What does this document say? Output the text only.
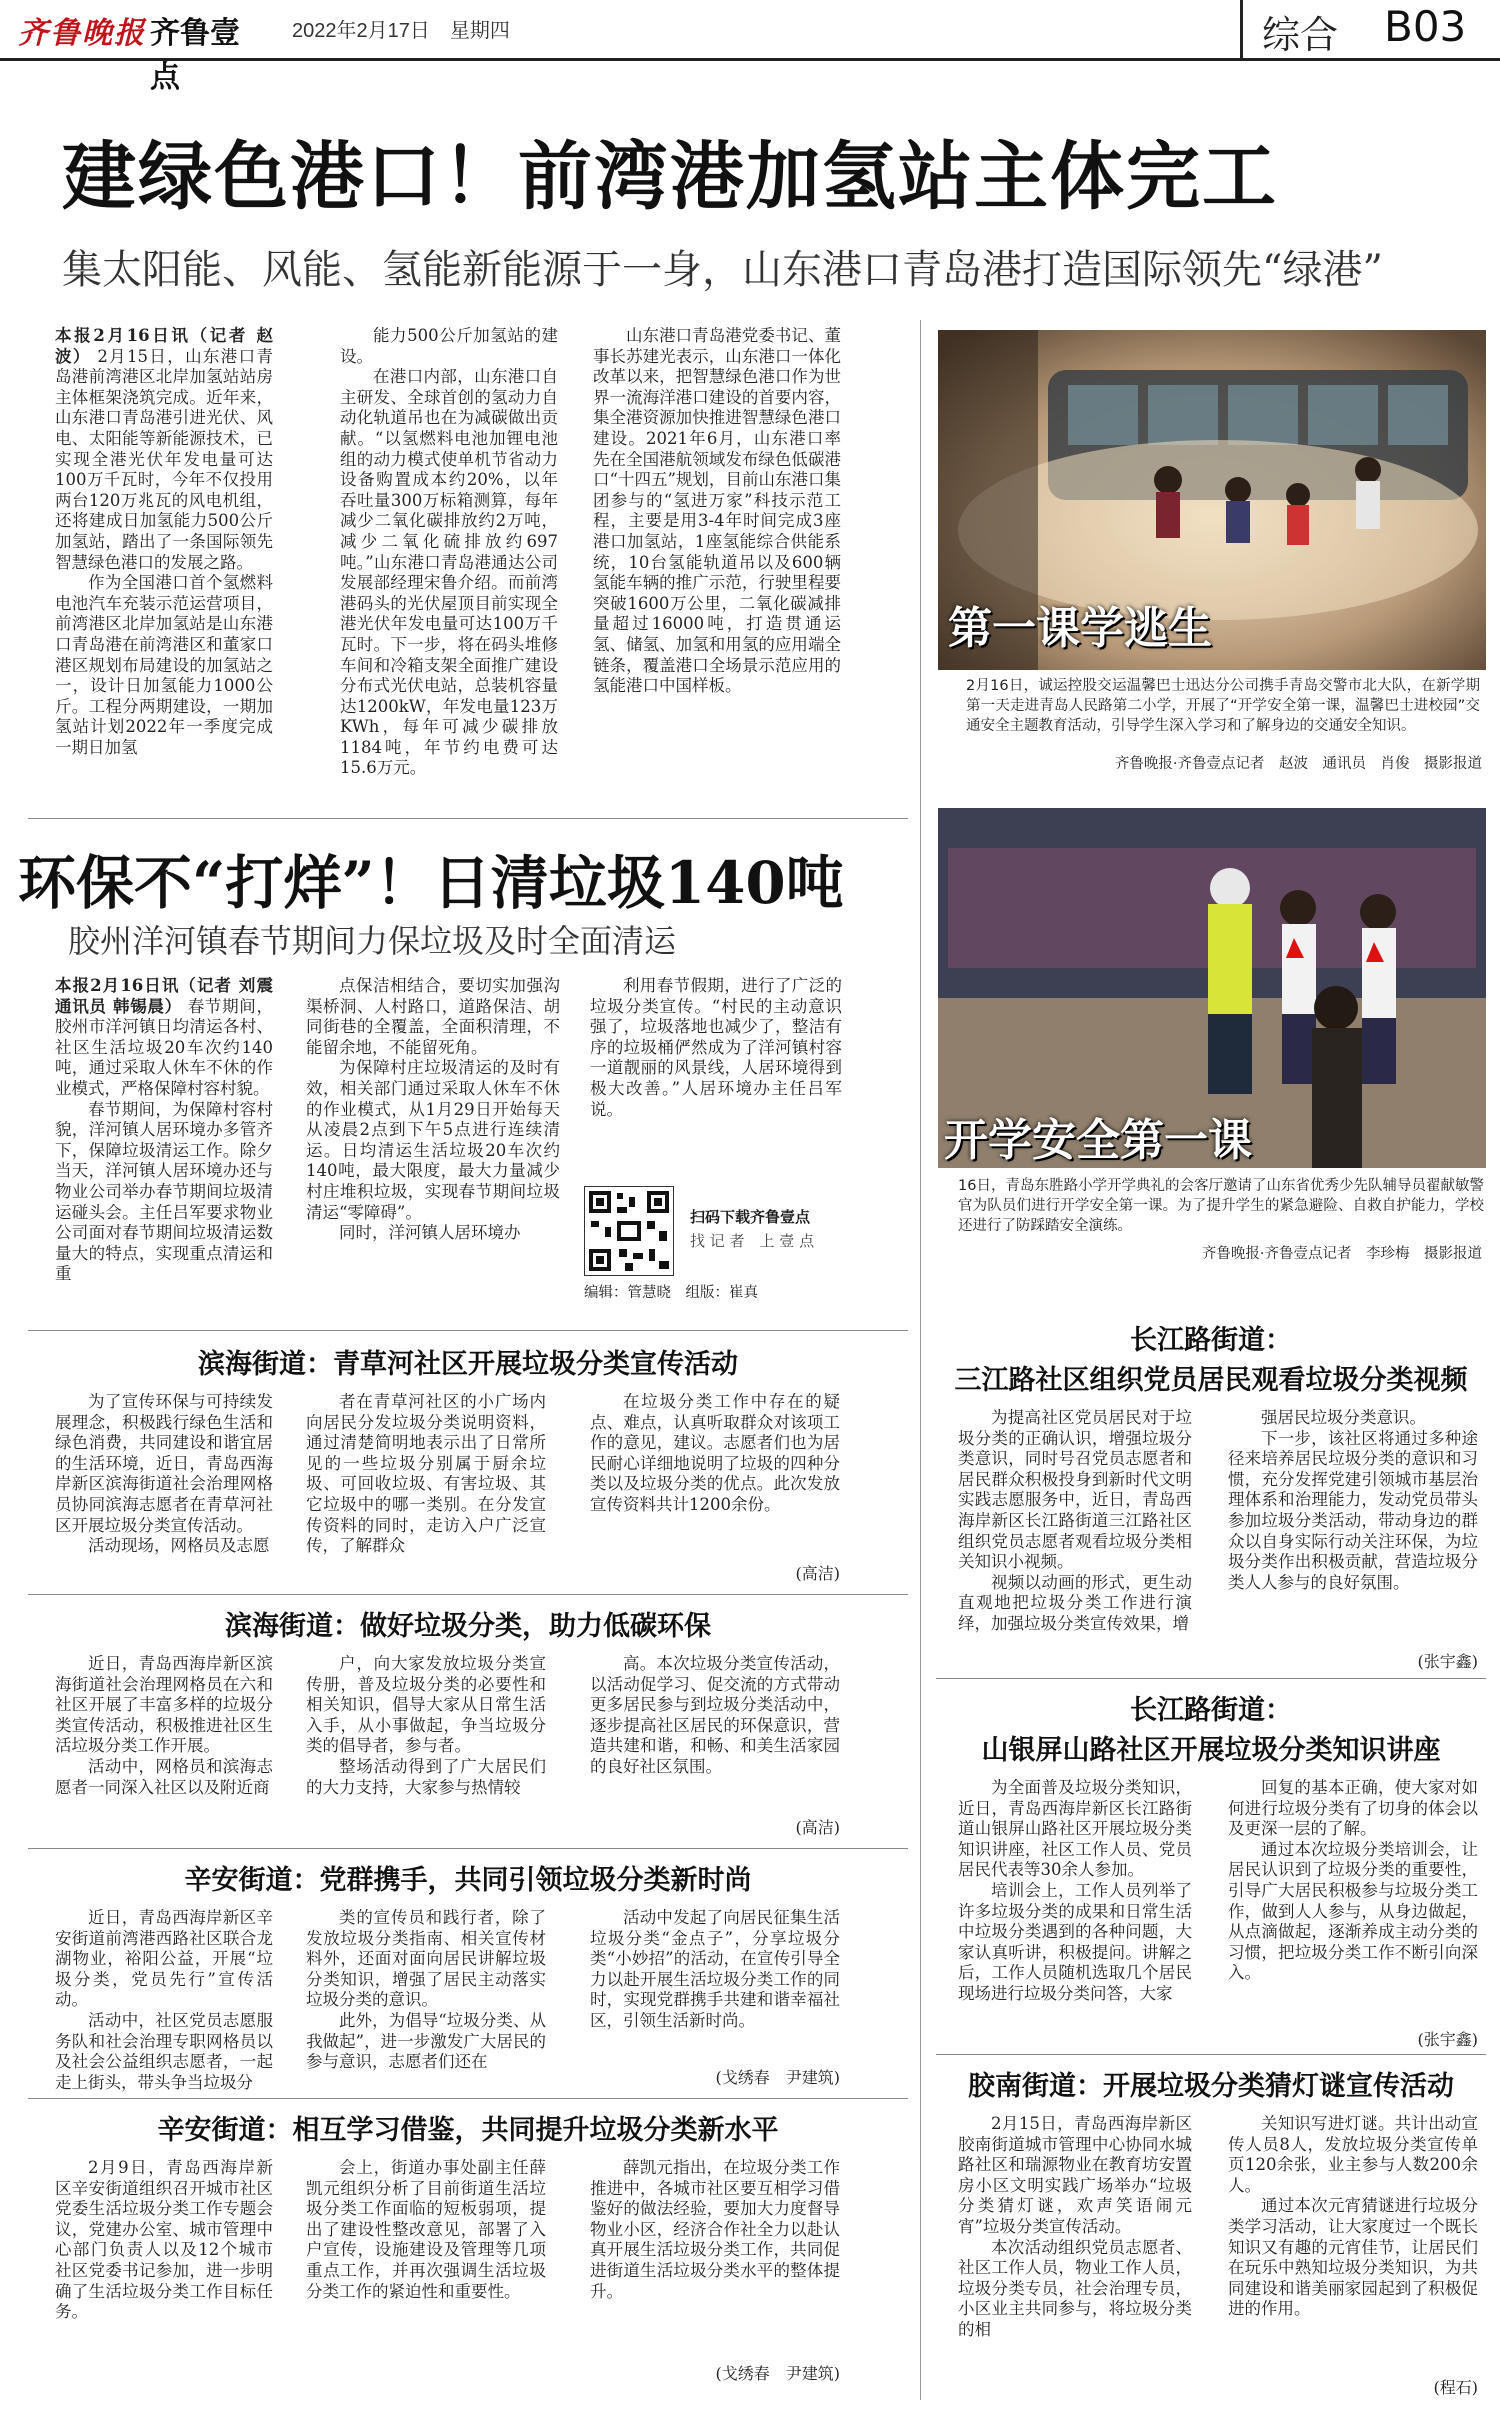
齐鲁晚报 齐鲁壹点
2022年2月17日　星期四	综合 B03
建绿色港口！前湾港加氢站主体完工
集太阳能、风能、氢能新能源于一身，山东港口青岛港打造国际领先“绿港”

本报2月16日讯（记者 赵波） 2月15日，山东港口青岛港前湾港区北岸加氢站站房主体框架浇筑完成。近年来，山东港口青岛港引进光伏、风电、太阳能等新能源技术，已实现全港光伏年发电量可达100万千瓦时，今年不仅投用两台120万兆瓦的风电机组，还将建成日加氢能力500公斤加氢站，踏出了一条国际领先智慧绿色港口的发展之路。

作为全国港口首个氢燃料电池汽车充装示范运营项目，前湾港区北岸加氢站是山东港口青岛港在前湾港区和董家口港区规划布局建设的加氢站之一，设计日加氢能力1000公斤。工程分两期建设，一期加氢站计划2022年一季度完成一期日加氢

能力500公斤加氢站的建设。

在港口内部，山东港口自主研发、全球首创的氢动力自动化轨道吊也在为减碳做出贡献。“以氢燃料电池加锂电池组的动力模式使单机节省动力设备购置成本约20%，以年吞吐量300万标箱测算，每年减少二氧化碳排放约2万吨，减少二氧化硫排放约697吨。”山东港口青岛港通达公司发展部经理宋鲁介绍。而前湾港码头的光伏屋顶目前实现全港光伏年发电量可达100万千瓦时。下一步，将在码头堆修车间和冷箱支架全面推广建设分布式光伏电站，总装机容量达1200kW，年发电量123万KWh，每年可减少碳排放1184吨，年节约电费可达15.6万元。

山东港口青岛港党委书记、董事长苏建光表示，山东港口一体化改革以来，把智慧绿色港口作为世界一流海洋港口建设的首要内容，集全港资源加快推进智慧绿色港口建设。2021年6月，山东港口率先在全国港航领域发布绿色低碳港口“十四五”规划，目前山东港口集团参与的“氢进万家”科技示范工程，主要是用3-4年时间完成3座港口加氢站，1座氢能综合供能系统，10台氢能轨道吊以及600辆氢能车辆的推广示范，行驶里程要突破1600万公里，二氧化碳减排量超过16000吨，打造贯通运氢、储氢、加氢和用氢的应用端全链条，覆盖港口全场景示范应用的氢能港口中国样板。

第一课学逃生
2月16日，诚运控股交运温馨巴士迅达分公司携手青岛交警市北大队，在新学期第一天走进青岛人民路第二小学，开展了“开学安全第一课，温馨巴士进校园”交通安全主题教育活动，引导学生深入学习和了解身边的交通安全知识。
齐鲁晚报·齐鲁壹点记者　赵波　通讯员　肖俊　摄影报道
环保不“打烊”！日清垃圾140吨
胶州洋河镇春节期间力保垃圾及时全面清运

本报2月16日讯（记者 刘震 通讯员 韩锡晨） 春节期间，胶州市洋河镇日均清运各村、社区生活垃圾20车次约140吨，通过采取人休车不休的作业模式，严格保障村容村貌。

春节期间，为保障村容村貌，洋河镇人居环境办多管齐下，保障垃圾清运工作。除夕当天，洋河镇人居环境办还与物业公司举办春节期间垃圾清运碰头会。主任吕军要求物业公司面对春节期间垃圾清运数量大的特点，实现重点清运和重

点保洁相结合，要切实加强沟渠桥洞、人村路口，道路保洁、胡同街巷的全覆盖，全面积清理，不能留余地，不能留死角。

为保障村庄垃圾清运的及时有效，相关部门通过采取人休车不休的作业模式，从1月29日开始每天从凌晨2点到下午5点进行连续清运。日均清运生活垃圾20车次约140吨，最大限度，最大力量减少村庄堆积垃圾，实现春节期间垃圾清运“零障碍”。

同时，洋河镇人居环境办

利用春节假期，进行了广泛的垃圾分类宣传。“村民的主动意识强了，垃圾落地也减少了，整洁有序的垃圾桶俨然成为了洋河镇村容一道靓丽的风景线，人居环境得到极大改善。”人居环境办主任吕军说。

扫码下载齐鲁壹点
找 记 者　上 壹 点
编辑：管慧晓　组版：崔真
开学安全第一课
16日，青岛东胜路小学开学典礼的会客厅邀请了山东省优秀少先队辅导员翟献敏警官为队员们进行开学安全第一课。为了提升学生的紧急避险、自救自护能力，学校还进行了防踩踏安全演练。
齐鲁晚报·齐鲁壹点记者　李珍梅　摄影报道
滨海街道：青草河社区开展垃圾分类宣传活动

为了宣传环保与可持续发展理念，积极践行绿色生活和绿色消费，共同建设和谐宜居的生活环境，近日，青岛西海岸新区滨海街道社会治理网格员协同滨海志愿者在青草河社区开展垃圾分类宣传活动。

活动现场，网格员及志愿

者在青草河社区的小广场内向居民分发垃圾分类说明资料，通过清楚简明地表示出了日常所见的一些垃圾分别属于厨余垃圾、可回收垃圾、有害垃圾、其它垃圾中的哪一类别。在分发宣传资料的同时，走访入户广泛宣传，了解群众

在垃圾分类工作中存在的疑点、难点，认真听取群众对该项工作的意见，建议。志愿者们也为居民耐心详细地说明了垃圾的四种分类以及垃圾分类的优点。此次发放宣传资料共计1200余份。

(高洁)
滨海街道：做好垃圾分类，助力低碳环保

近日，青岛西海岸新区滨海街道社会治理网格员在六和社区开展了丰富多样的垃圾分类宣传活动，积极推进社区生活垃圾分类工作开展。

活动中，网格员和滨海志愿者一同深入社区以及附近商

户，向大家发放垃圾分类宣传册，普及垃圾分类的必要性和相关知识，倡导大家从日常生活入手，从小事做起，争当垃圾分类的倡导者，参与者。

整场活动得到了广大居民们的大力支持，大家参与热情较

高。本次垃圾分类宣传活动，以活动促学习、促交流的方式带动更多居民参与到垃圾分类活动中，逐步提高社区居民的环保意识，营造共建和谐，和畅、和美生活家园的良好社区氛围。

(高洁)
辛安街道：党群携手，共同引领垃圾分类新时尚

近日，青岛西海岸新区辛安街道前湾港西路社区联合龙湖物业，裕阳公益，开展“垃圾分类，党员先行”宣传活动。

活动中，社区党员志愿服务队和社会治理专职网格员以及社会公益组织志愿者，一起走上街头，带头争当垃圾分

类的宣传员和践行者，除了发放垃圾分类指南、相关宣传材料外，还面对面向居民讲解垃圾分类知识，增强了居民主动落实垃圾分类的意识。

此外，为倡导“垃圾分类、从我做起”，进一步激发广大居民的参与意识，志愿者们还在

活动中发起了向居民征集生活垃圾分类“金点子”，分享垃圾分类“小妙招”的活动，在宣传引导全力以赴开展生活垃圾分类工作的同时，实现党群携手共建和谐幸福社区，引领生活新时尚。

(戈绣春　尹建筑)
辛安街道：相互学习借鉴，共同提升垃圾分类新水平

2月9日，青岛西海岸新区辛安街道组织召开城市社区党委生活垃圾分类工作专题会议，党建办公室、城市管理中心部门负责人以及12个城市社区党委书记参加，进一步明确了生活垃圾分类工作目标任务。

会上，街道办事处副主任薛凯元组织分析了目前街道生活垃圾分类工作面临的短板弱项，提出了建设性整改意见，部署了入户宣传，设施建设及管理等几项重点工作，并再次强调生活垃圾分类工作的紧迫性和重要性。

薛凯元指出，在垃圾分类工作推进中，各城市社区要互相学习借鉴好的做法经验，要加大力度督导物业小区，经济合作社全力以赴认真开展生活垃圾分类工作，共同促进街道生活垃圾分类水平的整体提升。

(戈绣春　尹建筑)
长江路街道：
三江路社区组织党员居民观看垃圾分类视频

为提高社区党员居民对于垃圾分类的正确认识，增强垃圾分类意识，同时号召党员志愿者和居民群众积极投身到新时代文明实践志愿服务中，近日，青岛西海岸新区长江路街道三江路社区组织党员志愿者观看垃圾分类相关知识小视频。

视频以动画的形式，更生动直观地把垃圾分类工作进行演绎，加强垃圾分类宣传效果，增

强居民垃圾分类意识。

下一步，该社区将通过多种途径来培养居民垃圾分类的意识和习惯，充分发挥党建引领城市基层治理体系和治理能力，发动党员带头参加垃圾分类活动，带动身边的群众以自身实际行动关注环保，为垃圾分类作出积极贡献，营造垃圾分类人人参与的良好氛围。

(张宇鑫)
长江路街道：
山银屏山路社区开展垃圾分类知识讲座

为全面普及垃圾分类知识，近日，青岛西海岸新区长江路街道山银屏山路社区开展垃圾分类知识讲座，社区工作人员、党员居民代表等30余人参加。

培训会上，工作人员列举了许多垃圾分类的成果和日常生活中垃圾分类遇到的各种问题，大家认真听讲，积极提问。讲解之后，工作人员随机选取几个居民现场进行垃圾分类问答，大家

回复的基本正确，使大家对如何进行垃圾分类有了切身的体会以及更深一层的了解。

通过本次垃圾分类培训会，让居民认识到了垃圾分类的重要性，引导广大居民积极参与垃圾分类工作，做到人人参与，从身边做起，从点滴做起，逐渐养成主动分类的习惯，把垃圾分类工作不断引向深入。

(张宇鑫)
胶南街道：开展垃圾分类猜灯谜宣传活动

2月15日，青岛西海岸新区胶南街道城市管理中心协同水城路社区和瑞源物业在教育坊安置房小区文明实践广场举办“垃圾分类猜灯谜，欢声笑语闹元宵”垃圾分类宣传活动。

本次活动组织党员志愿者、社区工作人员，物业工作人员，垃圾分类专员，社会治理专员，小区业主共同参与，将垃圾分类的相

关知识写进灯谜。共计出动宣传人员8人，发放垃圾分类宣传单页120余张，业主参与人数200余人。

通过本次元宵猜谜进行垃圾分类学习活动，让大家度过一个既长知识又有趣的元宵佳节，让居民们在玩乐中熟知垃圾分类知识，为共同建设和谐美丽家园起到了积极促进的作用。

(程石)
